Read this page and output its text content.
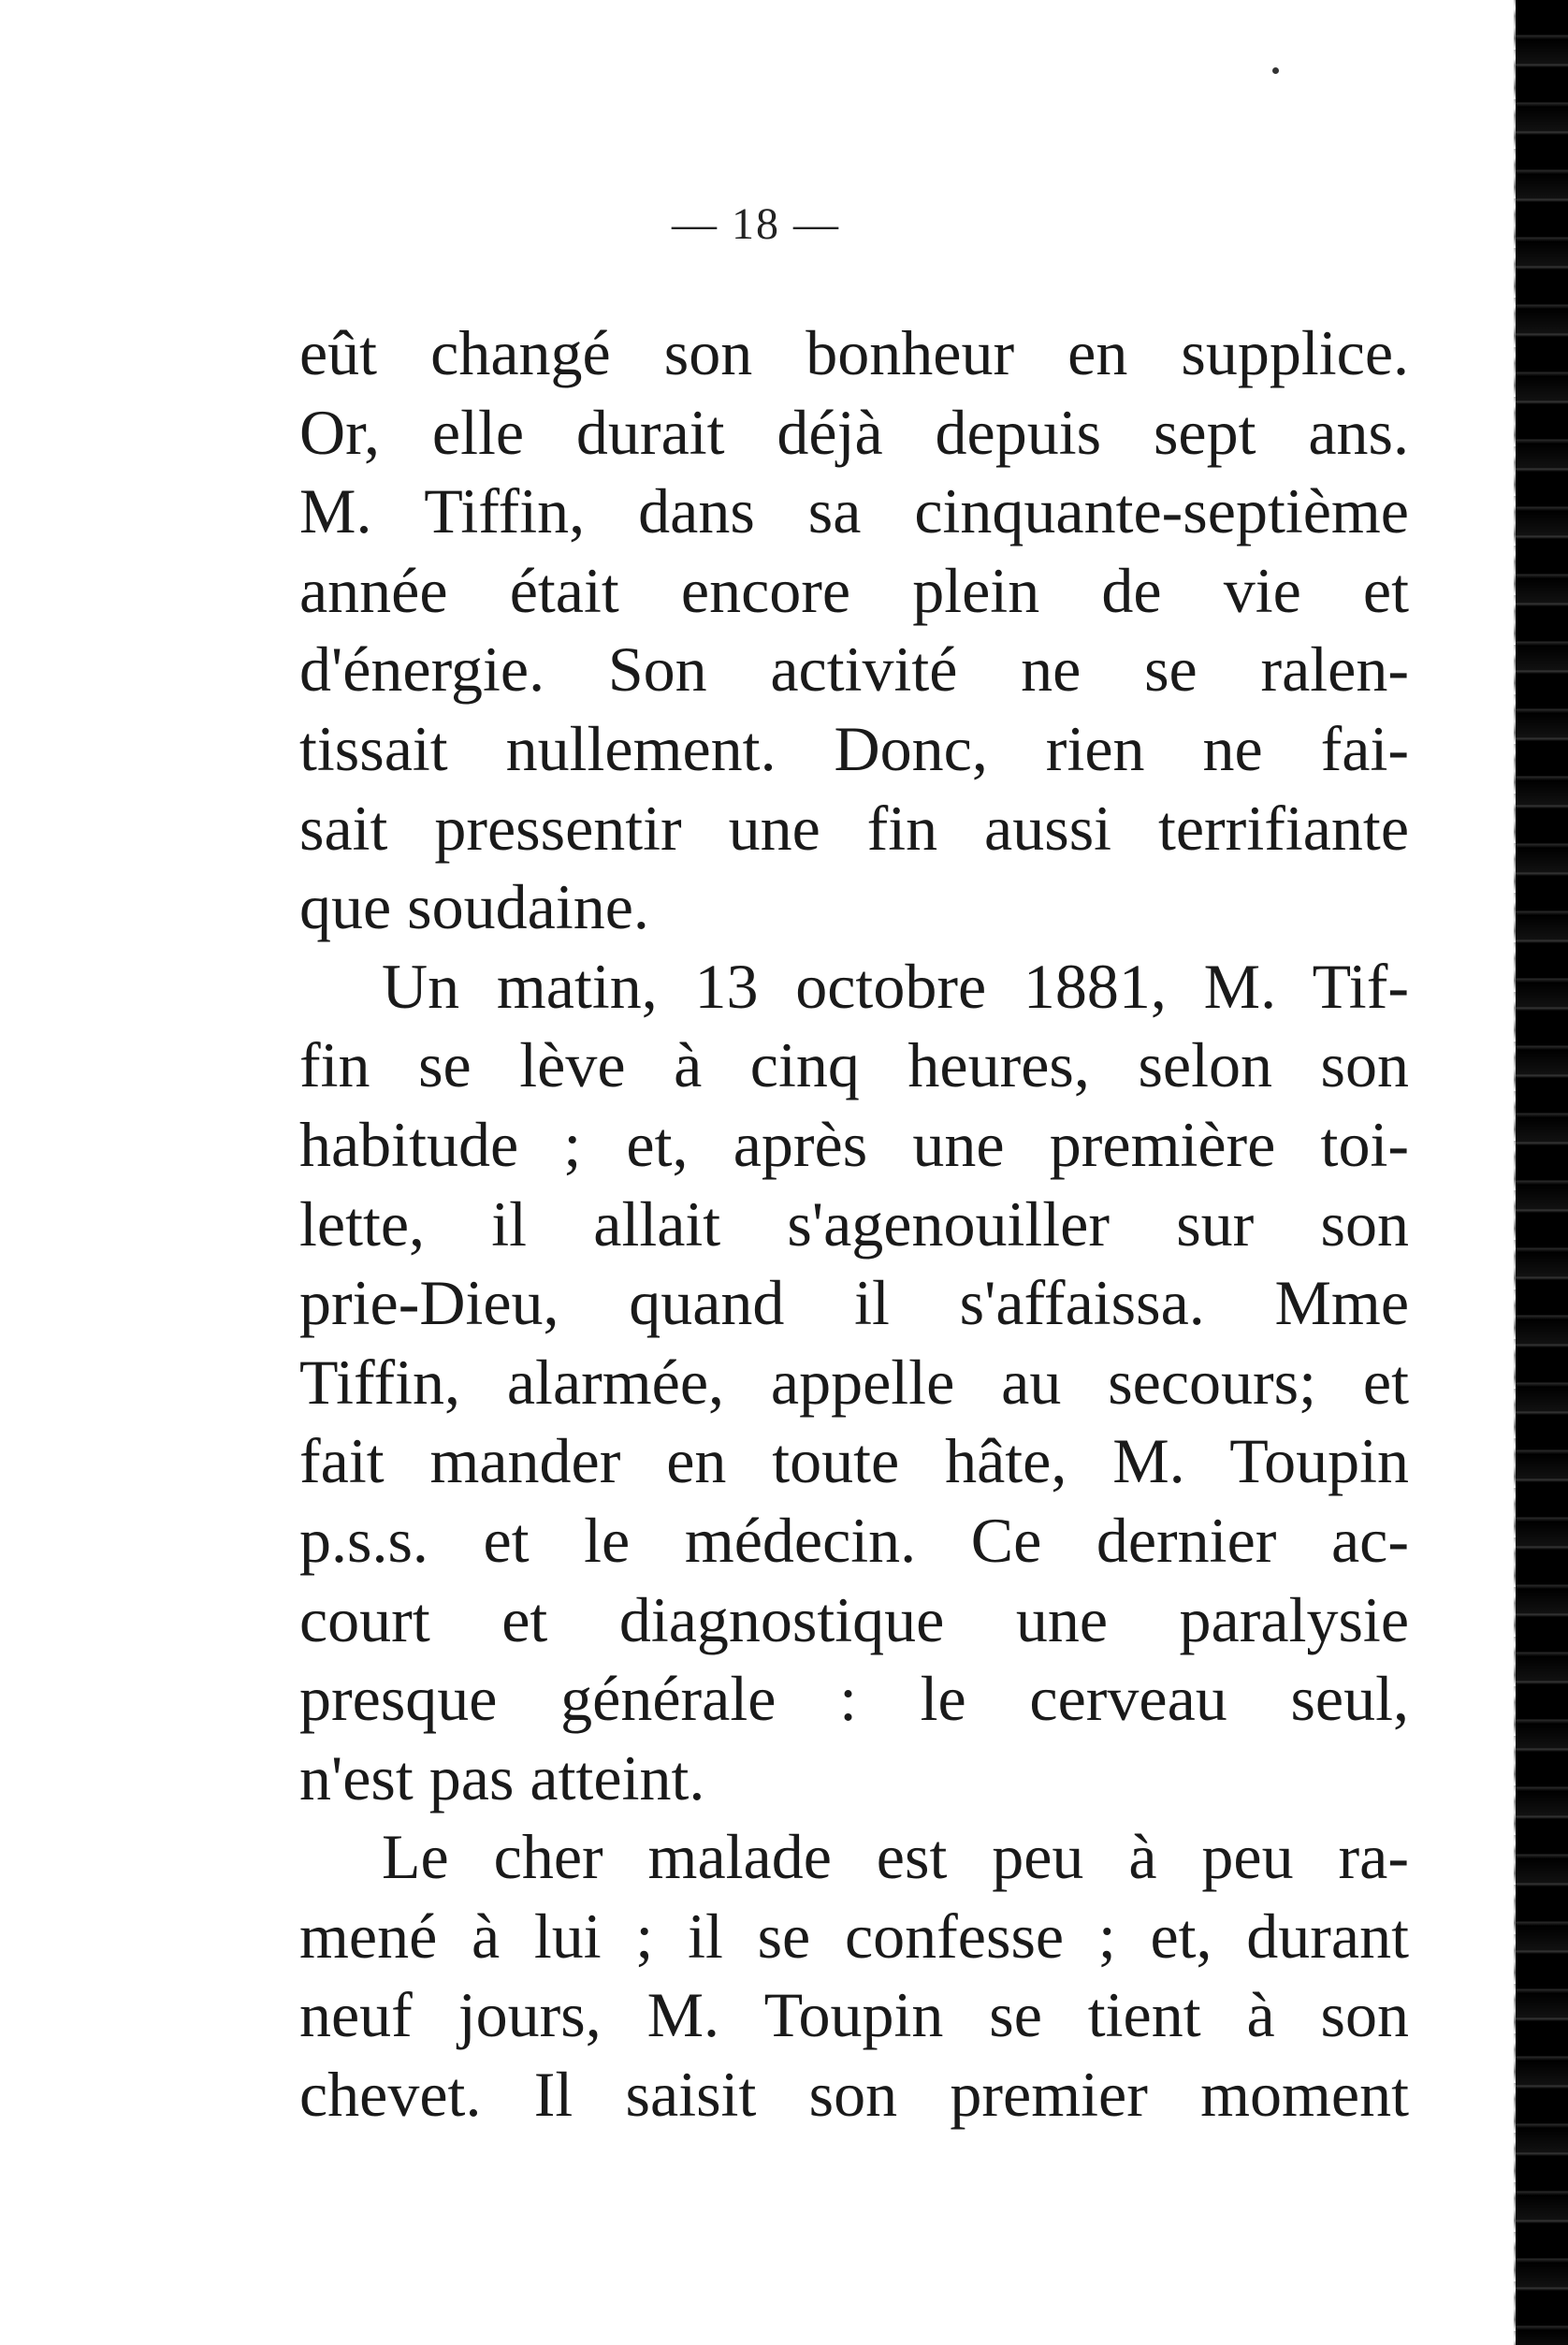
— 18 —
eût changé son bonheur en supplice.
Or, elle durait déjà depuis sept ans.
M. Tiffin, dans sa cinquante-septième
année était encore plein de vie et
d'énergie. Son activité ne se ralen-
tissait nullement. Donc, rien ne fai-
sait pressentir une fin aussi terrifiante
que soudaine.
Un matin, 13 octobre 1881, M. Tif-
fin se lève à cinq heures, selon son
habitude ; et, après une première toi-
lette, il allait s'agenouiller sur son
prie-Dieu, quand il s'affaissa. Mme
Tiffin, alarmée, appelle au secours; et
fait mander en toute hâte, M. Toupin
p.s.s. et le médecin. Ce dernier ac-
court et diagnostique une paralysie
presque générale : le cerveau seul,
n'est pas atteint.
Le cher malade est peu à peu ra-
mené à lui ; il se confesse ; et, durant
neuf jours, M. Toupin se tient à son
chevet. Il saisit son premier moment
